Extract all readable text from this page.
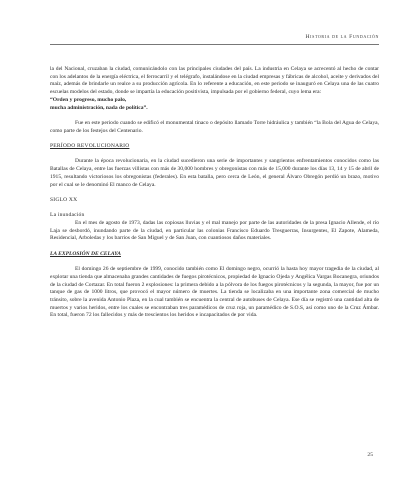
Historia de la Fundación

la del Nacional, cruzaban la ciudad, comunicándolo con las principales ciudades del país. La industria en Celaya se acrecentó al hecho de contar con los adelantos de la energía eléctrica, el ferrocarril y el telégrafo, instalándose en la ciudad empresas y fábricas de alcohol, aceite y derivados del maíz, además de brindarle un realce a su producción agrícola. En lo referente a educación, en este periodo se inauguró en Celaya una de las cuatro escuelas modelos del estado, donde se impartía la educación positivista, impulsada por el gobierno federal, cuyo lema era:

“Orden y progreso, mucho palo,
mucha administración, nada de política”.

Fue en este periodo cuando se edificó el monumental tinaco o depósito llamado Torre hidráulica y también “la Bola del Agua de Celaya, como parte de los festejos del Centenario.

PERÍODO REVOLUCIONARIO

Durante la época revolucionaria, en la ciudad sucedieron una serie de importantes y sangrientos enfrentamientos conocidos como las Batallas de Celaya, entre las fuerzas villistas con más de 30,000 hombres y obregonistas con más de 15,000 durante los días 13, 14 y 15 de abril de 1915, resultando victoriosos los obregonistas (federales). En esta batalla, pero cerca de León, el general Álvaro Obregón perdió un brazo, motivo por el cual se le denominó El manco de Celaya.

SIGLO XX

La inundación

En el mes de agosto de 1973, dadas las copiosas lluvias y el mal manejo por parte de las autoridades de la presa Ignacio Allende, el río Laja se desbordó, inundando parte de la ciudad, en particular las colonias Francisco Eduardo Tresguerras, Insurgentes, El Zapote, Alameda, Residencial, Arboledas y los barrios de San Miguel y de San Juan, con cuantiosos daños materiales.

LA EXPLOSIÓN DE CELAYA

El domingo 26 de septiembre de 1999, conocido también como El domingo negro, ocurrió la hasta hoy mayor tragedia de la ciudad, al explotar una tienda que almacenaba grandes cantidades de fuegos pirotécnicos, propiedad de Ignacio Ojeda y Angélica Vargas Bocanegra, oriundos de la ciudad de Cortazar. En total fueron 2 explosiones: la primera debido a la pólvora de los fuegos pirotécnicos y la segunda, la mayor, fue por un tanque de gas de 1000 litros, que provocó el mayor número de muertes. La tienda se localizaba en una importante zona comercial de mucho tránsito, sobre la avenida Antonio Plaza, en la cual también se encuentra la central de autobuses de Celaya. Ese día se registró una cantidad alta de muertos y varios heridos, entre los cuales se encontraban tres paramédicos de cruz roja, un paramédico de S.O.S, así como uno de la Cruz Ámbar. En total, fueron 72 los fallecidos y más de trescientos los heridos e incapacitados de por vida.

25
